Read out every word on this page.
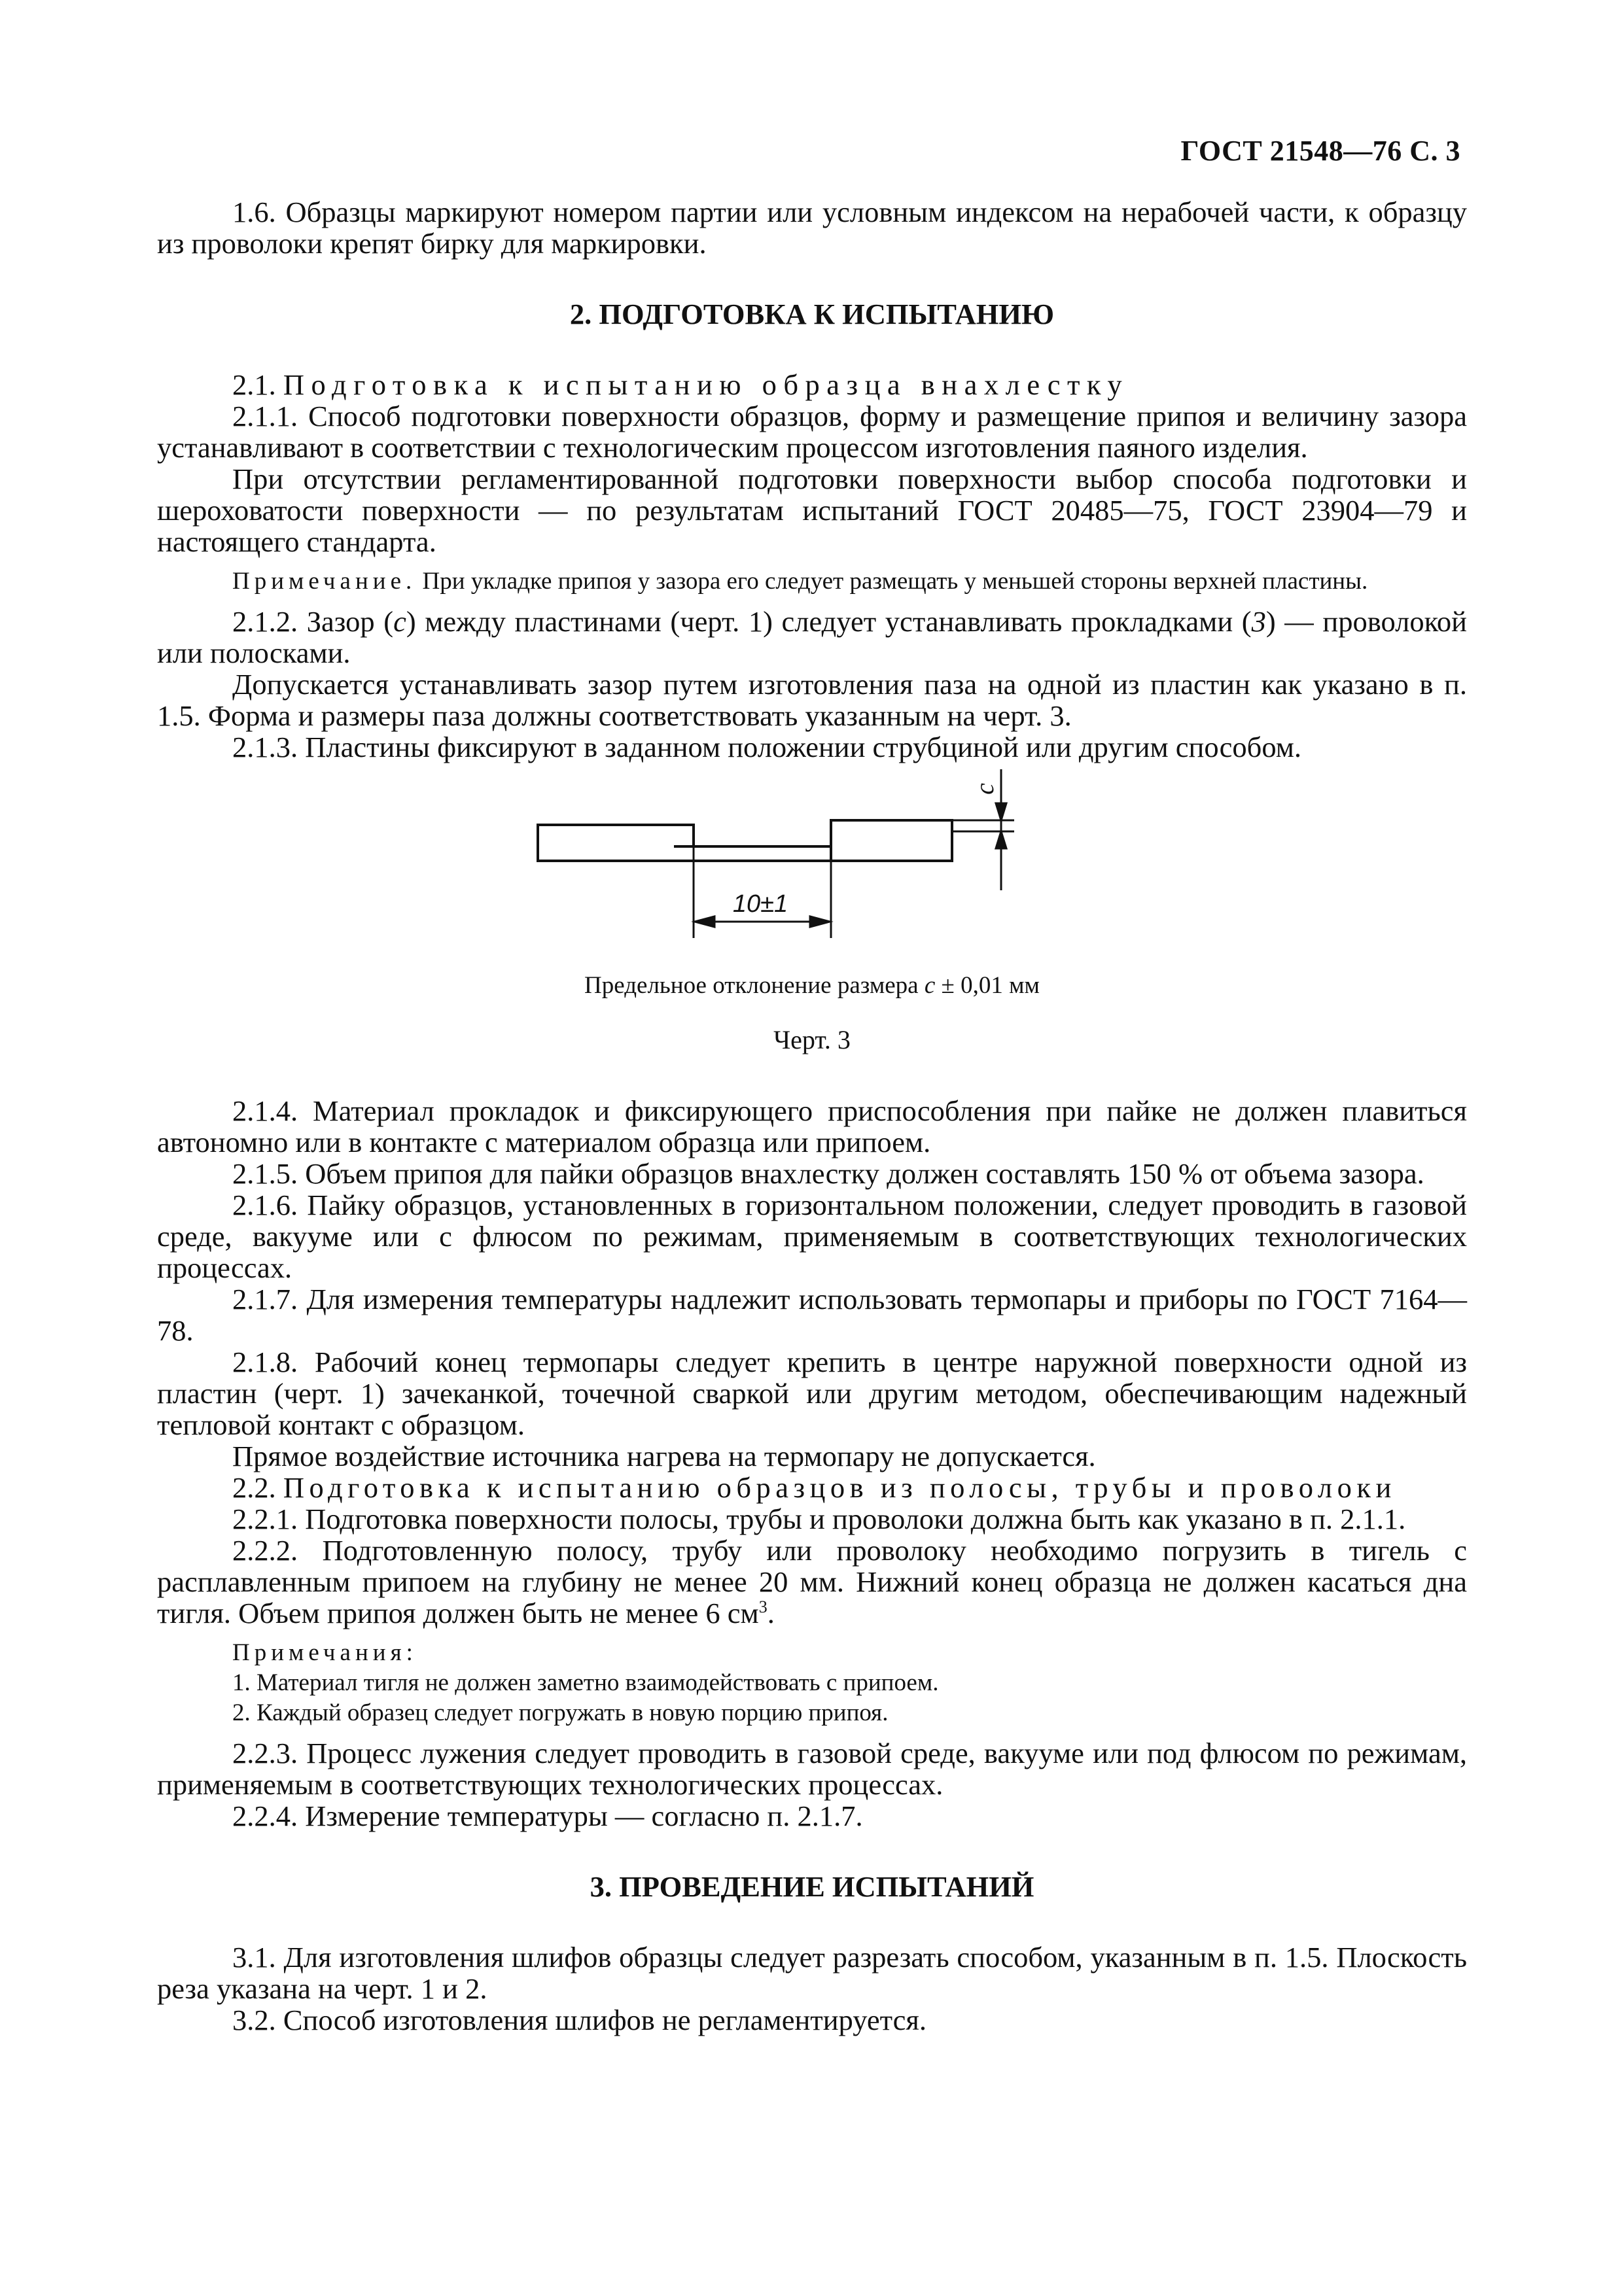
ГОСТ 21548—76 С. 3

1.6. Образцы маркируют номером партии или условным индексом на нерабочей части, к образцу из проволоки крепят бирку для маркировки.

2. ПОДГОТОВКА К ИСПЫТАНИЮ

2.1. Подготовка к испытанию образца внахлестку

2.1.1. Способ подготовки поверхности образцов, форму и размещение припоя и величину зазора устанавливают в соответствии с технологическим процессом изготовления паяного изделия.

При отсутствии регламентированной подготовки поверхности выбор способа подготовки и шероховатости поверхности — по результатам испытаний ГОСТ 20485—75, ГОСТ 23904—79 и настоящего стандарта.

Примечание. При укладке припоя у зазора его следует размещать у меньшей стороны верхней пластины.

2.1.2. Зазор (с) между пластинами (черт. 1) следует устанавливать прокладками (3) — проволокой или полосками.

Допускается устанавливать зазор путем изготовления паза на одной из пластин как указано в п. 1.5. Форма и размеры паза должны соответствовать указанным на черт. 3.

2.1.3. Пластины фиксируют в заданном положении струбциной или другим способом.

10±1
c

Предельное отклонение размера c ± 0,01 мм

Черт. 3

2.1.4. Материал прокладок и фиксирующего приспособления при пайке не должен плавиться автономно или в контакте с материалом образца или припоем.

2.1.5. Объем припоя для пайки образцов внахлестку должен составлять 150 % от объема зазора.

2.1.6. Пайку образцов, установленных в горизонтальном положении, следует проводить в газовой среде, вакууме или с флюсом по режимам, применяемым в соответствующих технологических процессах.

2.1.7. Для измерения температуры надлежит использовать термопары и приборы по ГОСТ 7164—78.

2.1.8. Рабочий конец термопары следует крепить в центре наружной поверхности одной из пластин (черт. 1) зачеканкой, точечной сваркой или другим методом, обеспечивающим надежный тепловой контакт с образцом.

Прямое воздействие источника нагрева на термопару не допускается.

2.2. Подготовка к испытанию образцов из полосы, трубы и проволоки

2.2.1. Подготовка поверхности полосы, трубы и проволоки должна быть как указано в п. 2.1.1.

2.2.2. Подготовленную полосу, трубу или проволоку необходимо погрузить в тигель с расплавленным припоем на глубину не менее 20 мм. Нижний конец образца не должен касаться дна тигля. Объем припоя должен быть не менее 6 $см^3$.

Примечания:

1. Материал тигля не должен заметно взаимодействовать с припоем.

2. Каждый образец следует погружать в новую порцию припоя.

2.2.3. Процесс лужения следует проводить в газовой среде, вакууме или под флюсом по режимам, применяемым в соответствующих технологических процессах.

2.2.4. Измерение температуры — согласно п. 2.1.7.

3. ПРОВЕДЕНИЕ ИСПЫТАНИЙ

3.1. Для изготовления шлифов образцы следует разрезать способом, указанным в п. 1.5. Плоскость реза указана на черт. 1 и 2.

3.2. Способ изготовления шлифов не регламентируется.
